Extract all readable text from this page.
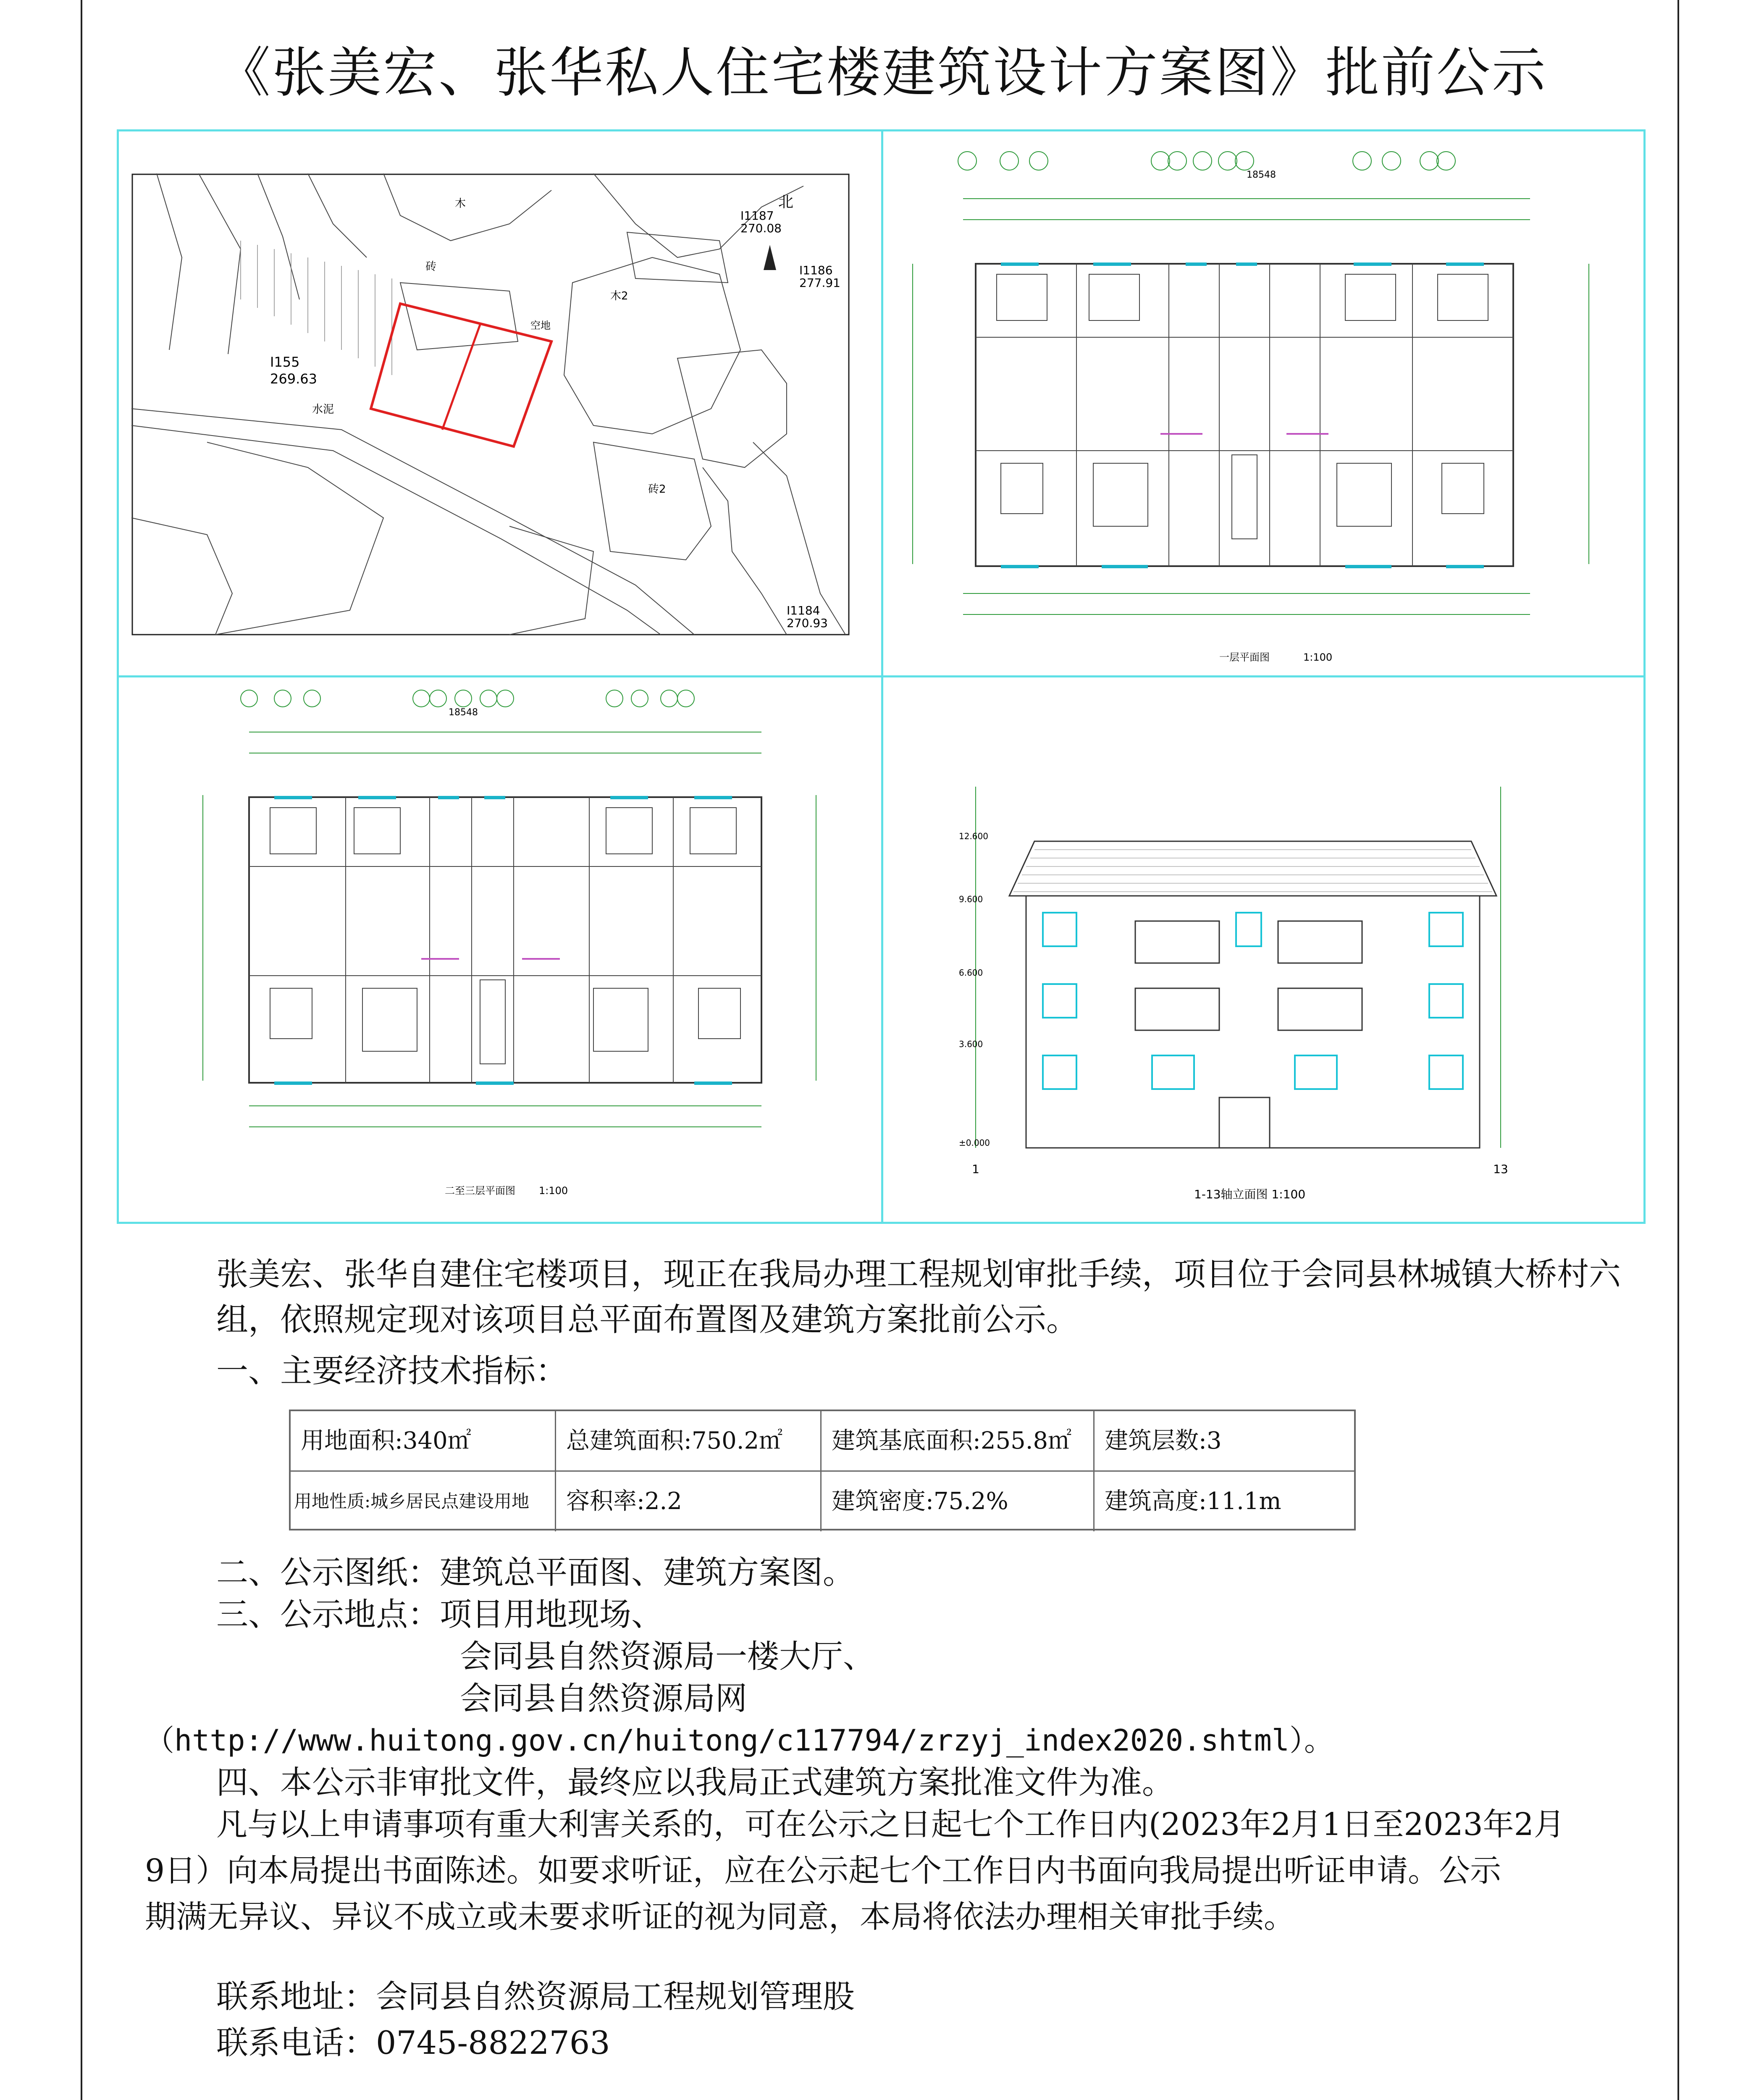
《张美宏、张华私人住宅楼建筑设计方案图》批前公示
北
I155
269.63
I1187
270.08
I1186
277.91
I1184
270.93
水泥
砖
木
木2
砖2
空地
18548
一层平面图	1:100
18548
二至三层平面图 1:100
1	13
12.600
9.600
6.600
3.600
±0.000
1-13轴立面图 1:100
张美宏、张华自建住宅楼项目，现正在我局办理工程规划审批手续，项目位于会同县林城镇大桥村六组，依照规定现对该项目总平面布置图及建筑方案批前公示。
一、主要经济技术指标：
用地面积:340㎡	总建筑面积:750.2㎡	建筑基底面积:255.8㎡	建筑层数:3
用地性质:城乡居民点建设用地	容积率:2.2	建筑密度:75.2%	建筑高度:11.1m
二、公示图纸：建筑总平面图、建筑方案图。
三、公示地点：项目用地现场、
会同县自然资源局一楼大厅、
会同县自然资源局网
（http://www.huitong.gov.cn/huitong/c117794/zrzyj_index2020.shtml）。
四、本公示非审批文件，最终应以我局正式建筑方案批准文件为准。
凡与以上申请事项有重大利害关系的，可在公示之日起七个工作日内(2023年2月1日至2023年2月
9日）向本局提出书面陈述。如要求听证，应在公示起七个工作日内书面向我局提出听证申请。公示
期满无异议、异议不成立或未要求听证的视为同意，本局将依法办理相关审批手续。
联系地址：会同县自然资源局工程规划管理股
联系电话：0745-8822763
